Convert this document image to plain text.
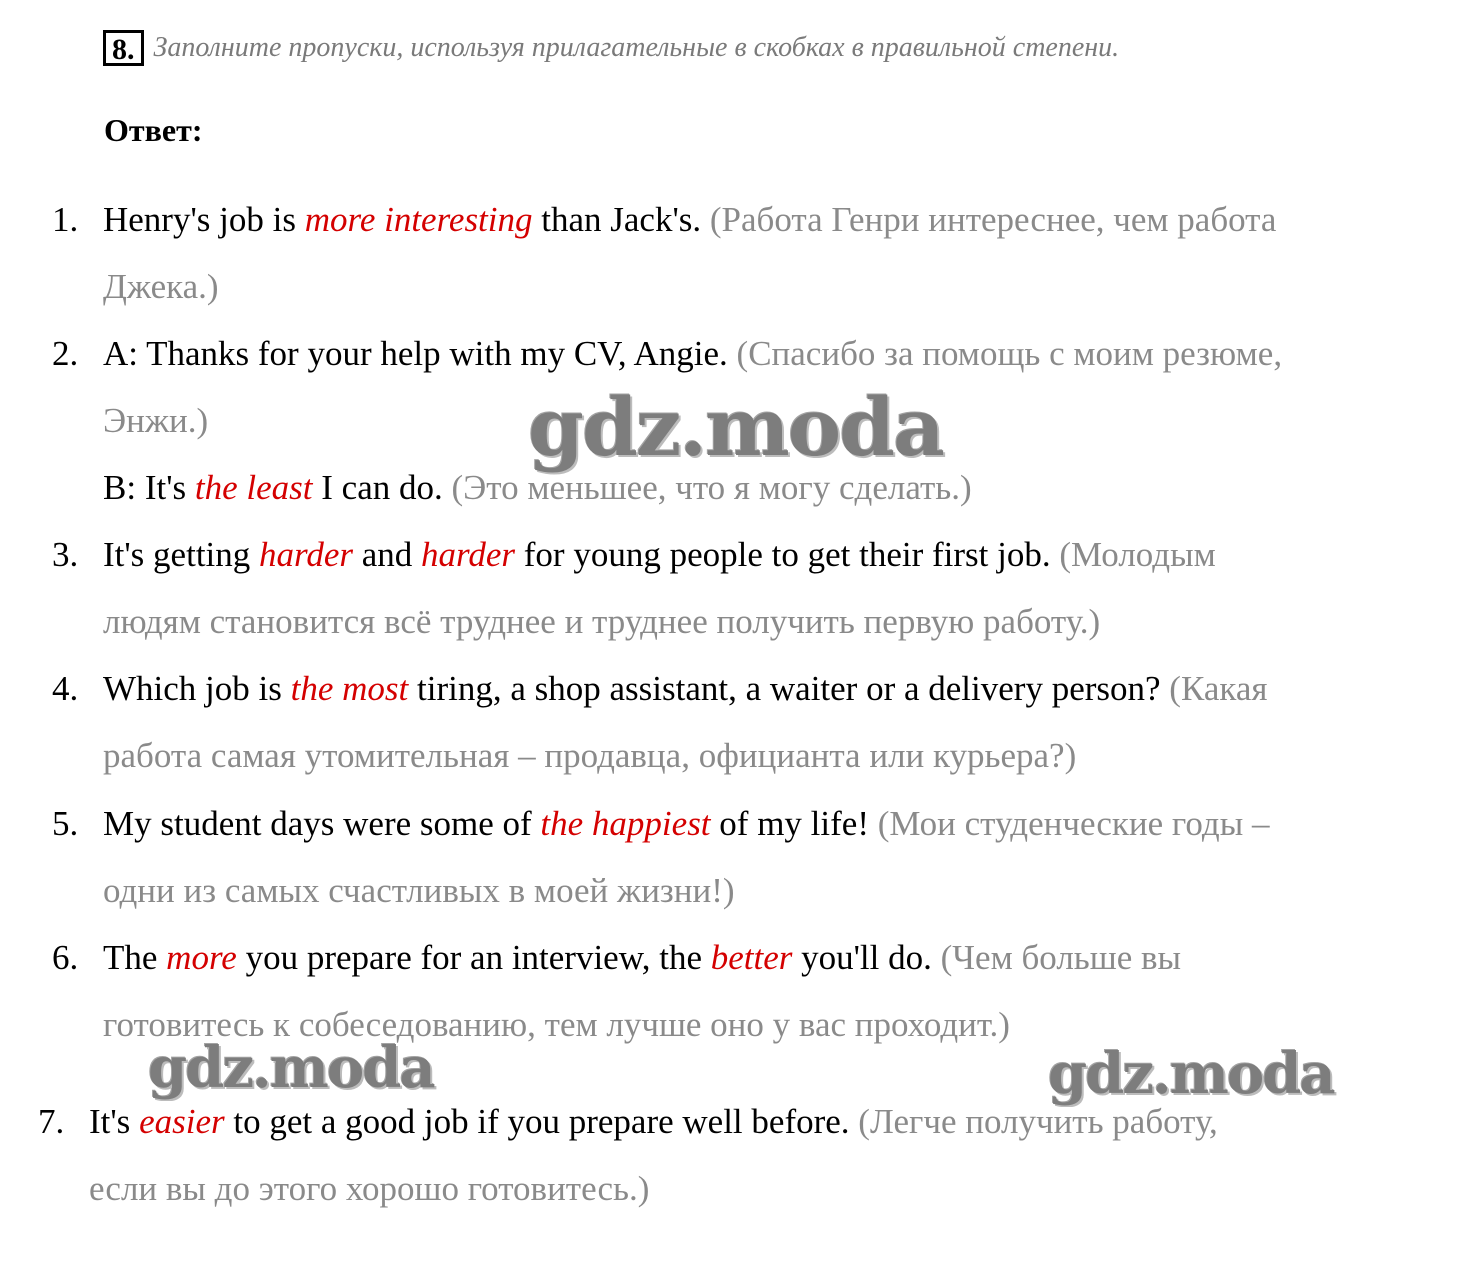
8. Заполните пропуски, используя прилагательные в скобках в правильной степени.
Ответ:
1. Henry's job is more interesting than Jack's. (Работа Генри интереснее, чем работа
Джека.)
2. A: Thanks for your help with my CV, Angie. (Спасибо за помощь с моим резюме,
Энжи.)
B: It's the least I can do. (Это меньшее, что я могу сделать.)
3. It's getting harder and harder for young people to get their first job. (Молодым
людям становится всё труднее и труднее получить первую работу.)
4. Which job is the most tiring, a shop assistant, a waiter or a delivery person? (Какая
работа самая утомительная – продавца, официанта или курьера?)
5. My student days were some of the happiest of my life! (Мои студенческие годы –
одни из самых счастливых в моей жизни!)
6. The more you prepare for an interview, the better you'll do. (Чем больше вы
готовитесь к собеседованию, тем лучше оно у вас проходит.)
7. It's easier to get a good job if you prepare well before. (Легче получить работу,
если вы до этого хорошо готовитесь.)
gdz.moda
gdz.moda	gdz.moda
